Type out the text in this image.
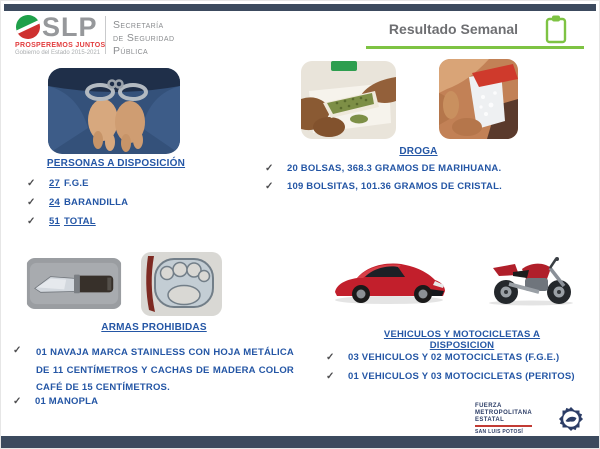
SLP
PROSPEREMOS JUNTOS
Gobierno del Estado 2015-2021
Secretaría
de Seguridad
Pública
Resultado Semanal
PERSONAS A DISPOSICIÓN
✓	27 F.G.E
✓	24 BARANDILLA
✓	51 TOTAL
DROGA
✓	20 BOLSAS, 368.3 GRAMOS DE MARIHUANA.
✓	109 BOLSITAS, 101.36 GRAMOS DE CRISTAL.
ARMAS PROHIBIDAS
✓ 01 NAVAJA MARCA STAINLESS CON HOJA METÁLICA DE 11 CENTÍMETROS Y CACHAS DE MADERA COLOR CAFÉ DE 15 CENTÍMETROS.
✓	01 MANOPLA
VEHICULOS Y MOTOCICLETAS A DISPOSICION
✓	03 VEHICULOS Y 02 MOTOCICLETAS (F.G.E.)
✓	01 VEHICULOS Y 03 MOTOCICLETAS (PERITOS)
FUERZA
METROPOLITANA
ESTATAL
SAN LUIS POTOSÍ
